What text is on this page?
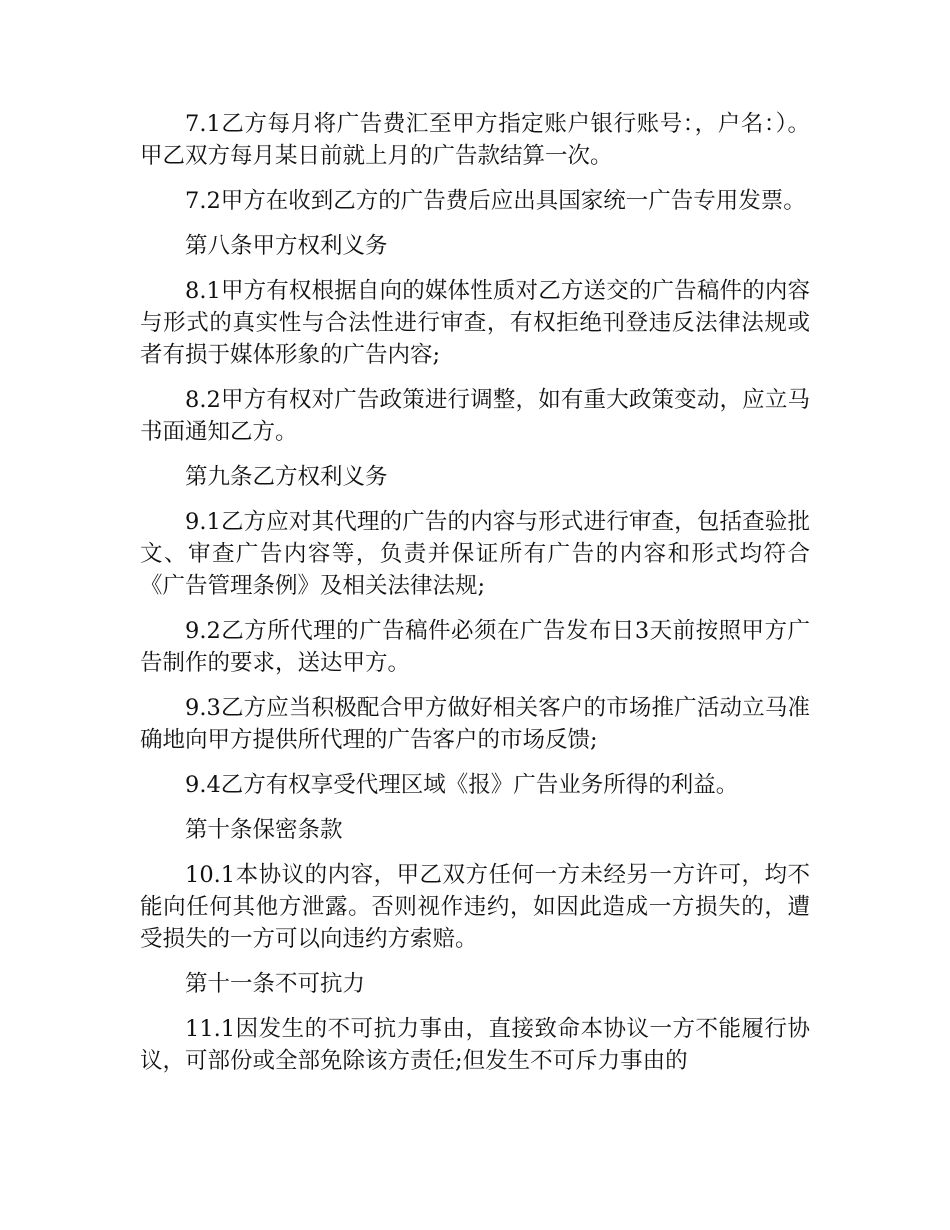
7.1乙方每月将广告费汇至甲方指定账户银行账号：，户名：）。甲乙双方每月某日前就上月的广告款结算一次。

7.2甲方在收到乙方的广告费后应出具国家统一广告专用发票。

第八条甲方权利义务

8.1甲方有权根据自向的媒体性质对乙方送交的广告稿件的内容与形式的真实性与合法性进行审查，有权拒绝刊登违反法律法规或者有损于媒体形象的广告内容;

8.2甲方有权对广告政策进行调整，如有重大政策变动，应立马书面通知乙方。

第九条乙方权利义务

9.1乙方应对其代理的广告的内容与形式进行审查，包括查验批文、审查广告内容等，负责并保证所有广告的内容和形式均符合《广告管理条例》及相关法律法规;

9.2乙方所代理的广告稿件必须在广告发布日3天前按照甲方广告制作的要求，送达甲方。

9.3乙方应当积极配合甲方做好相关客户的市场推广活动立马准确地向甲方提供所代理的广告客户的市场反馈;

9.4乙方有权享受代理区域《报》广告业务所得的利益。

第十条保密条款

10.1本协议的内容，甲乙双方任何一方未经另一方许可，均不能向任何其他方泄露。否则视作违约，如因此造成一方损失的，遭受损失的一方可以向违约方索赔。

第十一条不可抗力

11.1因发生的不可抗力事由，直接致命本协议一方不能履行协议，可部份或全部免除该方责任;但发生不可斥力事由的
